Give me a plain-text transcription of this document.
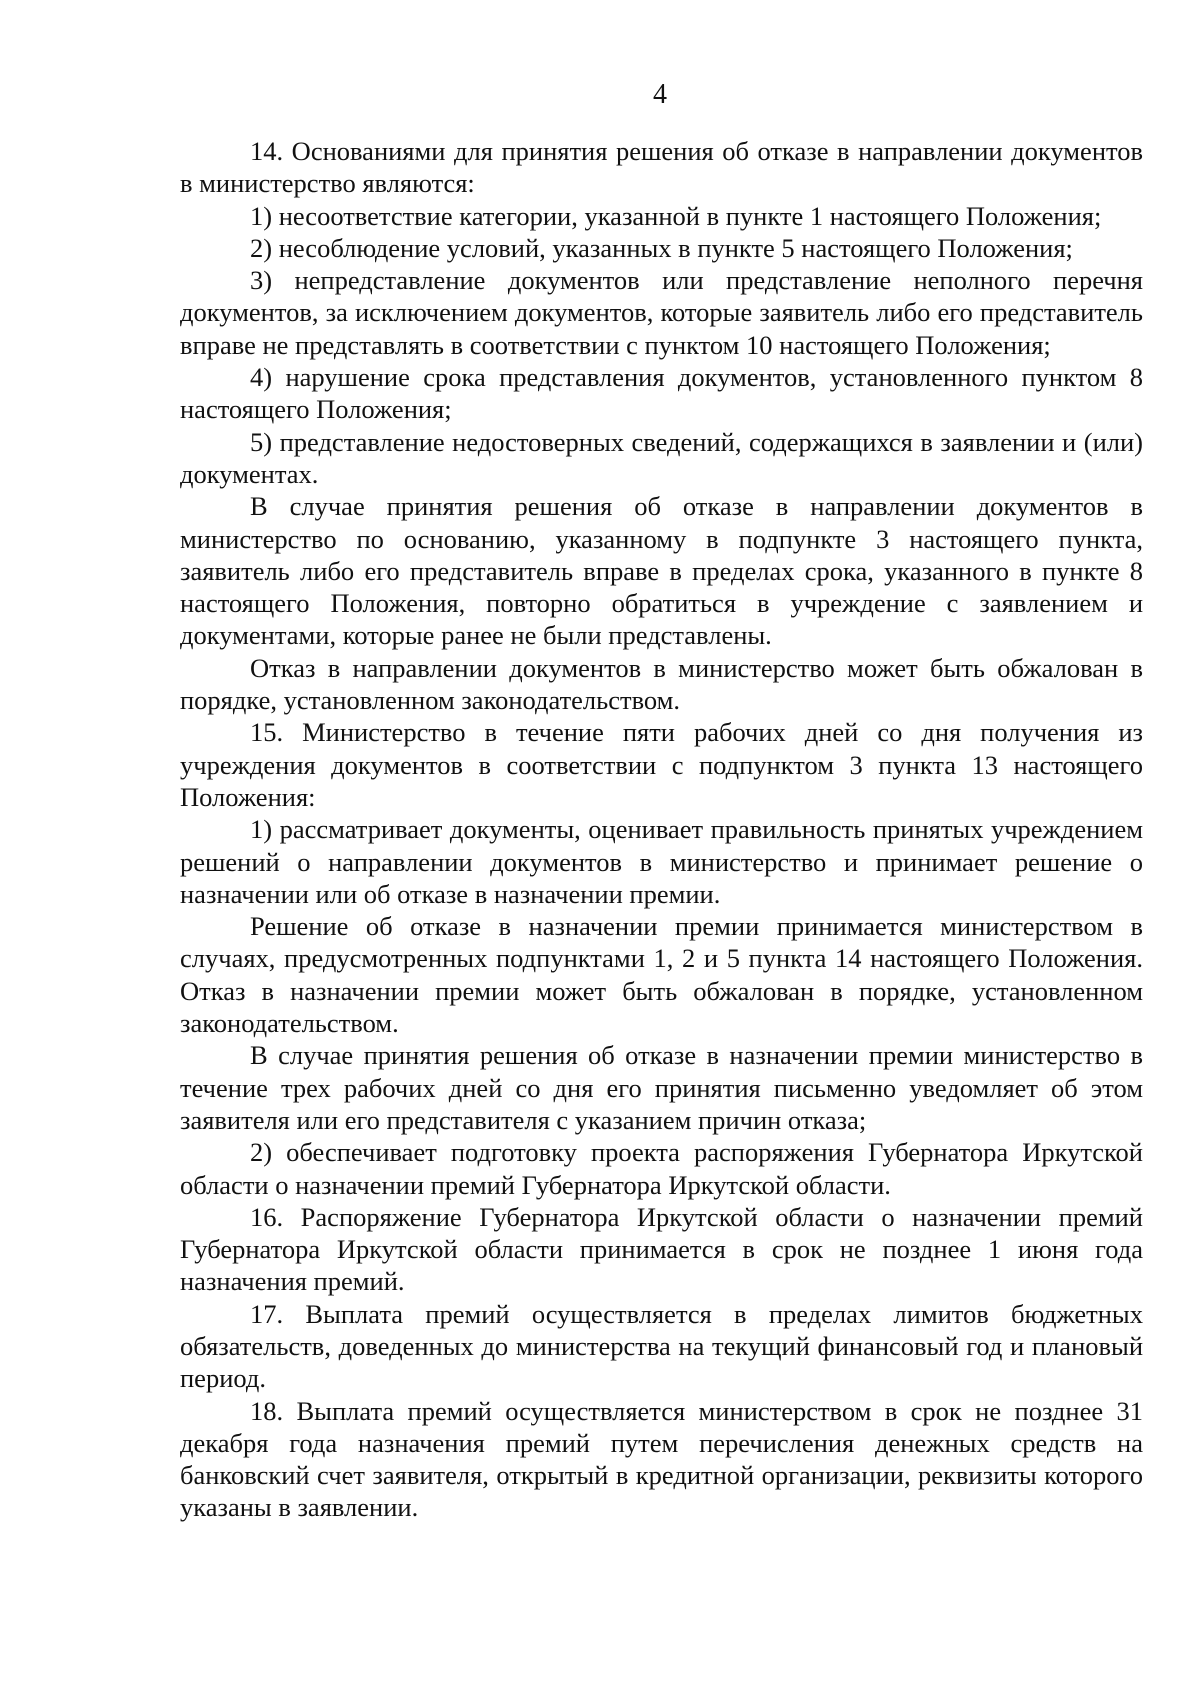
4

14. Основаниями для принятия решения об отказе в направлении документов в министерство являются:

1) несоответствие категории, указанной в пункте 1 настоящего Положения;

2) несоблюдение условий, указанных в пункте 5 настоящего Положения;

3) непредставление документов или представление неполного перечня документов, за исключением документов, которые заявитель либо его представитель вправе не представлять в соответствии с пунктом 10 настоящего Положения;

4) нарушение срока представления документов, установленного пунктом 8 настоящего Положения;

5) представление недостоверных сведений, содержащихся в заявлении и (или) документах.

В случае принятия решения об отказе в направлении документов в министерство по основанию, указанному в подпункте 3 настоящего пункта, заявитель либо его представитель вправе в пределах срока, указанного в пункте 8 настоящего Положения, повторно обратиться в учреждение с заявлением и документами, которые ранее не были представлены.

Отказ в направлении документов в министерство может быть обжалован в порядке, установленном законодательством.

15. Министерство в течение пяти рабочих дней со дня получения из учреждения документов в соответствии с подпунктом 3 пункта 13 настоящего Положения:

1) рассматривает документы, оценивает правильность принятых учреждением решений о направлении документов в министерство и принимает решение о назначении или об отказе в назначении премии.

Решение об отказе в назначении премии принимается министерством в случаях, предусмотренных подпунктами 1, 2 и 5 пункта 14 настоящего Положения. Отказ в назначении премии может быть обжалован в порядке, установленном законодательством.

В случае принятия решения об отказе в назначении премии министерство в течение трех рабочих дней со дня его принятия письменно уведомляет об этом заявителя или его представителя с указанием причин отказа;

2) обеспечивает подготовку проекта распоряжения Губернатора Иркутской области о назначении премий Губернатора Иркутской области.

16. Распоряжение Губернатора Иркутской области о назначении премий Губернатора Иркутской области принимается в срок не позднее 1 июня года назначения премий.

17. Выплата премий осуществляется в пределах лимитов бюджетных обязательств, доведенных до министерства на текущий финансовый год и плановый период.

18. Выплата премий осуществляется министерством в срок не позднее 31 декабря года назначения премий путем перечисления денежных средств на банковский счет заявителя, открытый в кредитной организации, реквизиты которого указаны в заявлении.
